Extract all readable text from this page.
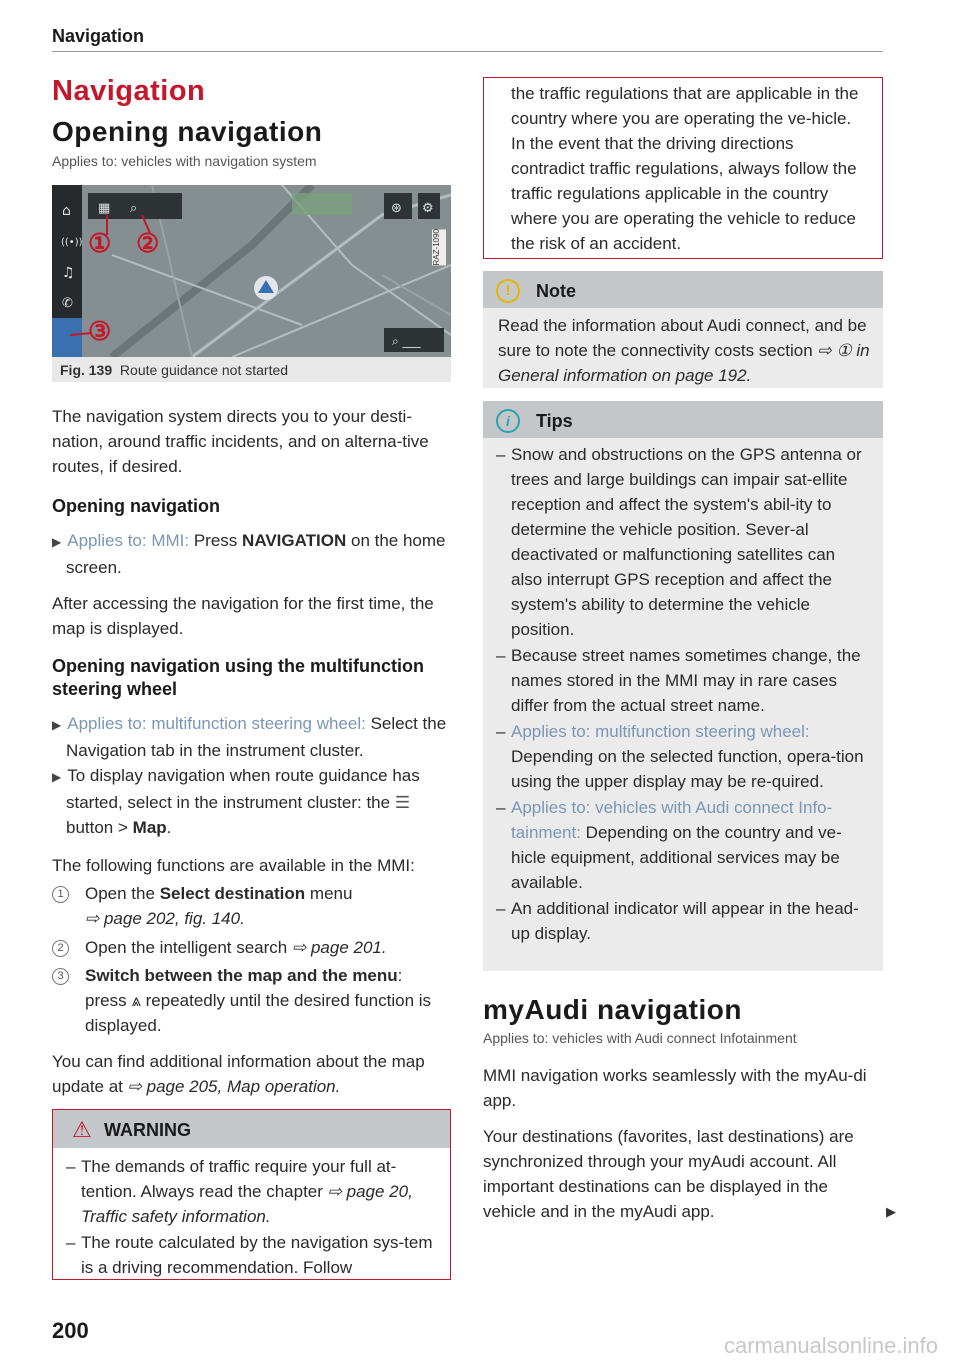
Navigation
Navigation
Opening navigation
Applies to: vehicles with navigation system
⌂
((•))
♫
✆
▦ ⌕	⊛ ⚙
⌕ ___
① ②
③
RAZ-1090
Fig. 139 Route guidance not started

The navigation system directs you to your desti-nation, around traffic incidents, and on alterna-tive routes, if desired.

Opening navigation

▶ Applies to: MMI: Press NAVIGATION on the home screen.

After accessing the navigation for the first time, the map is displayed.

Opening navigation using the multifunction steering wheel

▶ Applies to: multifunction steering wheel: Select the Navigation tab in the instrument cluster.

▶ To display navigation when route guidance has started, select in the instrument cluster: the ☰ button > Map.

The following functions are available in the MMI:

1	Open the Select destination menu
⇨ page 202, fig. 140.

2	Open the intelligent search ⇨ page 201.

3	Switch between the map and the menu:
press ⩓ repeatedly until the desired function is displayed.

You can find additional information about the map update at ⇨ page 205, Map operation.

⚠ WARNING

– The demands of traffic require your full at-tention. Always read the chapter ⇨ page 20, Traffic safety information.

– The route calculated by the navigation sys-tem is a driving recommendation. Follow

the traffic regulations that are applicable in the country where you are operating the ve-hicle. In the event that the driving directions contradict traffic regulations, always follow the traffic regulations applicable in the country where you are operating the vehicle to reduce the risk of an accident.

!	Note

Read the information about Audi connect, and be sure to note the connectivity costs section ⇨ ① in General information on page 192.

i	Tips

– Snow and obstructions on the GPS antenna or trees and large buildings can impair sat-ellite reception and affect the system's abil-ity to determine the vehicle position. Sever-al deactivated or malfunctioning satellites can also interrupt GPS reception and affect the system's ability to determine the vehicle position.

– Because street names sometimes change, the names stored in the MMI may in rare cases differ from the actual street name.

– Applies to: multifunction steering wheel: Depending on the selected function, opera-tion using the upper display may be re-quired.

– Applies to: vehicles with Audi connect Info-tainment: Depending on the country and ve-hicle equipment, additional services may be available.

– An additional indicator will appear in the head-up display.

myAudi navigation
Applies to: vehicles with Audi connect Infotainment

MMI navigation works seamlessly with the myAu-di app.

Your destinations (favorites, last destinations) are synchronized through your myAudi account. All important destinations can be displayed in the vehicle and in the myAudi app.	▶
200
carmanualsonline.info
